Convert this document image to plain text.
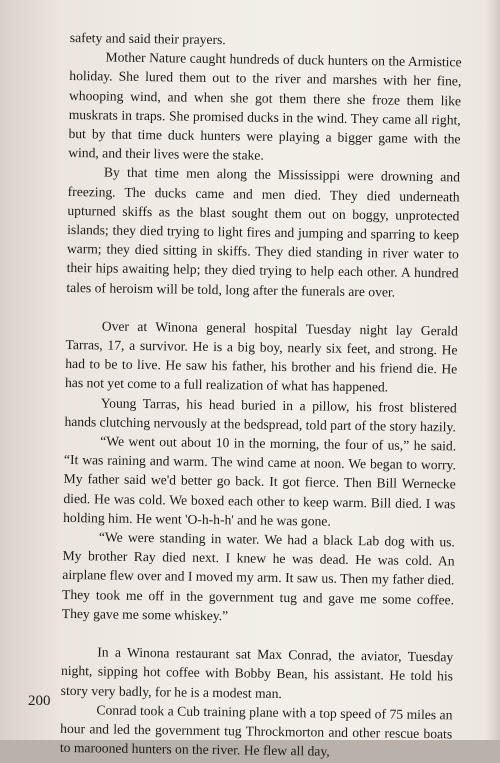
safety and said their prayers.

Mother Nature caught hundreds of duck hunters on the Armistice holiday. She lured them out to the river and marshes with her fine, whooping wind, and when she got them there she froze them like muskrats in traps. She promised ducks in the wind. They came all right, but by that time duck hunters were playing a bigger game with the wind, and their lives were the stake.

By that time men along the Mississippi were drowning and freezing. The ducks came and men died. They died underneath upturned skiffs as the blast sought them out on boggy, unprotected islands; they died trying to light fires and jumping and sparring to keep warm; they died sitting in skiffs. They died standing in river water to their hips awaiting help; they died trying to help each other. A hundred tales of heroism will be told, long after the funerals are over.

Over at Winona general hospital Tuesday night lay Gerald Tarras, 17, a survivor. He is a big boy, nearly six feet, and strong. He had to be to live. He saw his father, his brother and his friend die. He has not yet come to a full realization of what has happened.

Young Tarras, his head buried in a pillow, his frost blistered hands clutching nervously at the bedspread, told part of the story hazily.

“We went out about 10 in the morning, the four of us,” he said. “It was raining and warm. The wind came at noon. We began to worry. My father said we'd better go back. It got fierce. Then Bill Wernecke died. He was cold. We boxed each other to keep warm. Bill died. I was holding him. He went 'O-h-h-h' and he was gone.

“We were standing in water. We had a black Lab dog with us. My brother Ray died next. I knew he was dead. He was cold. An airplane flew over and I moved my arm. It saw us. Then my father died. They took me off in the government tug and gave me some coffee. They gave me some whiskey.”

In a Winona restaurant sat Max Conrad, the aviator, Tuesday night, sipping hot coffee with Bobby Bean, his assistant. He told his story very badly, for he is a modest man.

Conrad took a Cub training plane with a top speed of 75 miles an hour and led the government tug Throckmorton and other rescue boats to marooned hunters on the river. He flew all day,

200
